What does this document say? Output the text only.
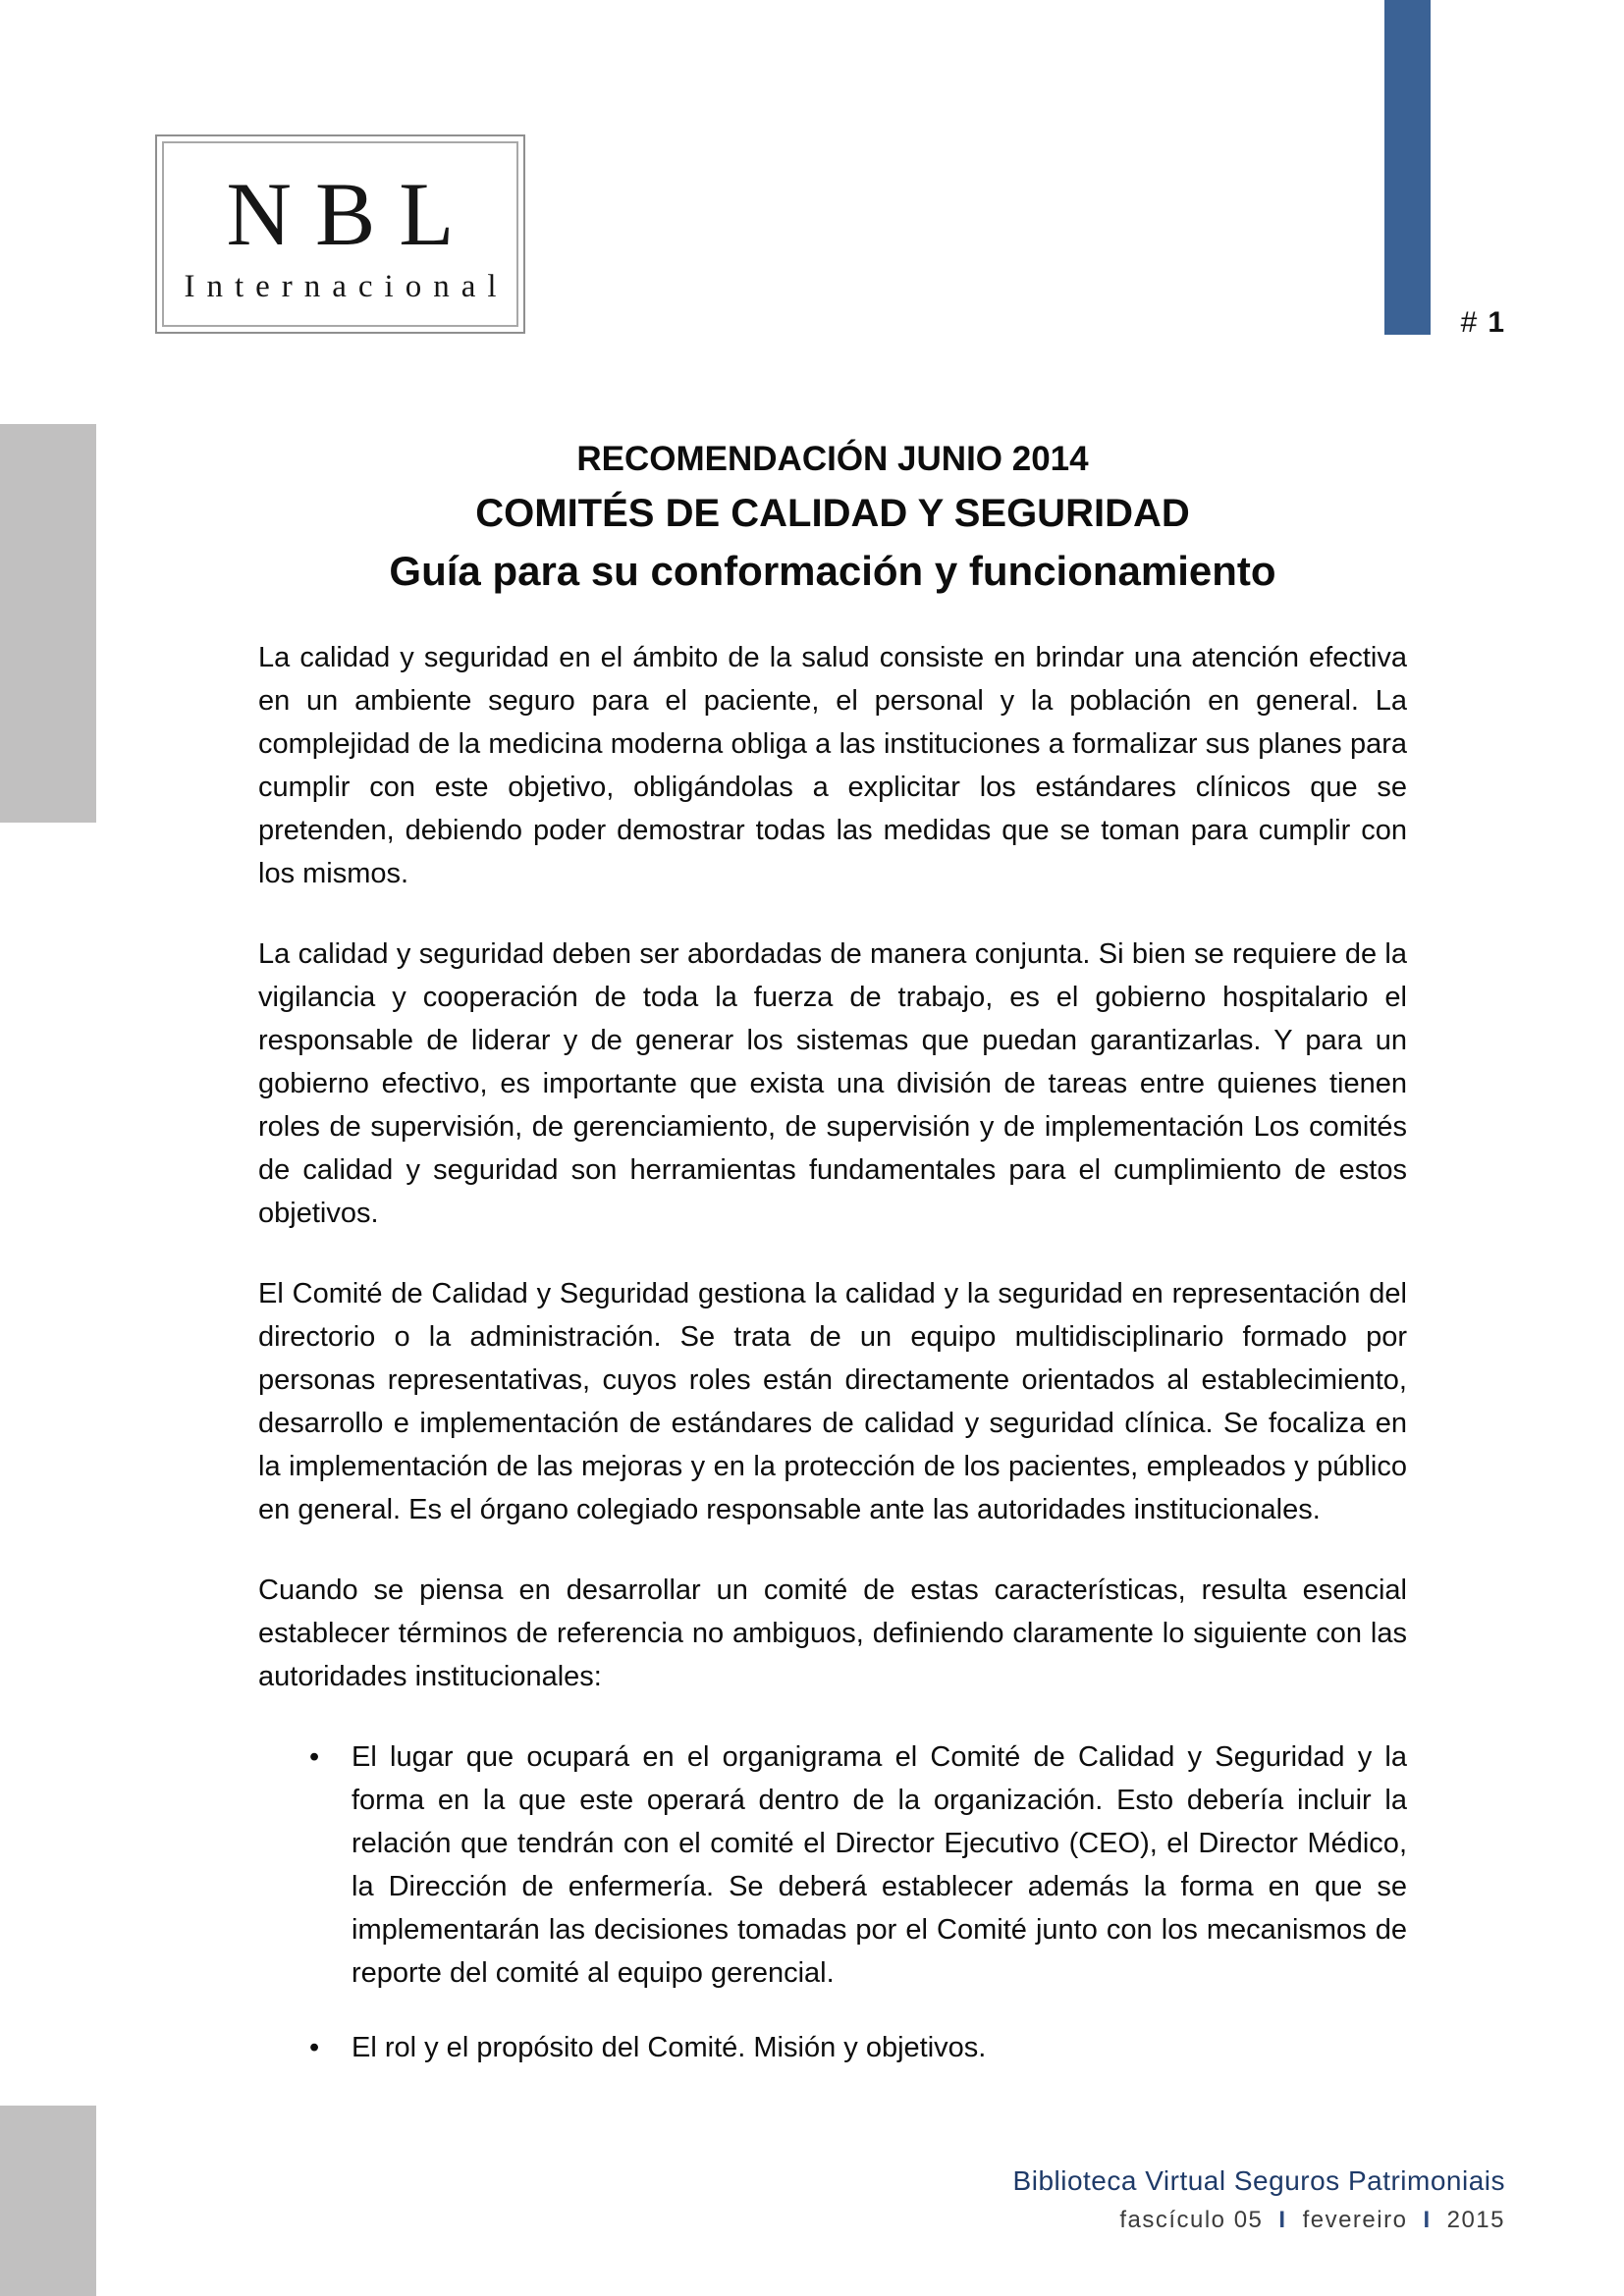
# 1
NBL
Internacional
RECOMENDACIÓN JUNIO 2014
COMITÉS DE CALIDAD Y SEGURIDAD
Guía para su conformación y funcionamiento

La calidad y seguridad en el ámbito de la salud consiste en brindar una atención efectiva en un ambiente seguro para el paciente, el personal y la población en general. La complejidad de la medicina moderna obliga a las instituciones a formalizar sus planes para cumplir con este objetivo, obligándolas a explicitar los estándares clínicos que se pretenden, debiendo poder demostrar todas las medidas que se toman para cumplir con los mismos.

La calidad y seguridad deben ser abordadas de manera conjunta. Si bien se requiere de la vigilancia y cooperación de toda la fuerza de trabajo, es el gobierno hospitalario el responsable de liderar y de generar los sistemas que puedan garantizarlas. Y para un gobierno efectivo, es importante que exista una división de tareas entre quienes tienen roles de supervisión, de gerenciamiento, de supervisión y de implementación Los comités de calidad y seguridad son herramientas fundamentales para el cumplimiento de estos objetivos.

El Comité de Calidad y Seguridad gestiona la calidad y la seguridad en representación del directorio o la administración. Se trata de un equipo multidisciplinario formado por personas representativas, cuyos roles están directamente orientados al establecimiento, desarrollo e implementación de estándares de calidad y seguridad clínica. Se focaliza en la implementación de las mejoras y en la protección de los pacientes, empleados y público en general. Es el órgano colegiado responsable ante las autoridades institucionales.

Cuando se piensa en desarrollar un comité de estas características, resulta esencial establecer términos de referencia no ambiguos, definiendo claramente lo siguiente con las autoridades institucionales:

• El lugar que ocupará en el organigrama el Comité de Calidad y Seguridad y la forma en la que este operará dentro de la organización. Esto debería incluir la relación que tendrán con el comité el Director Ejecutivo (CEO), el Director Médico, la Dirección de enfermería. Se deberá establecer además la forma en que se implementarán las decisiones tomadas por el Comité junto con los mecanismos de reporte del comité al equipo gerencial.
• El rol y el propósito del Comité. Misión y objetivos.
Biblioteca Virtual Seguros Patrimoniais
fascículo 05 I fevereiro I 2015
